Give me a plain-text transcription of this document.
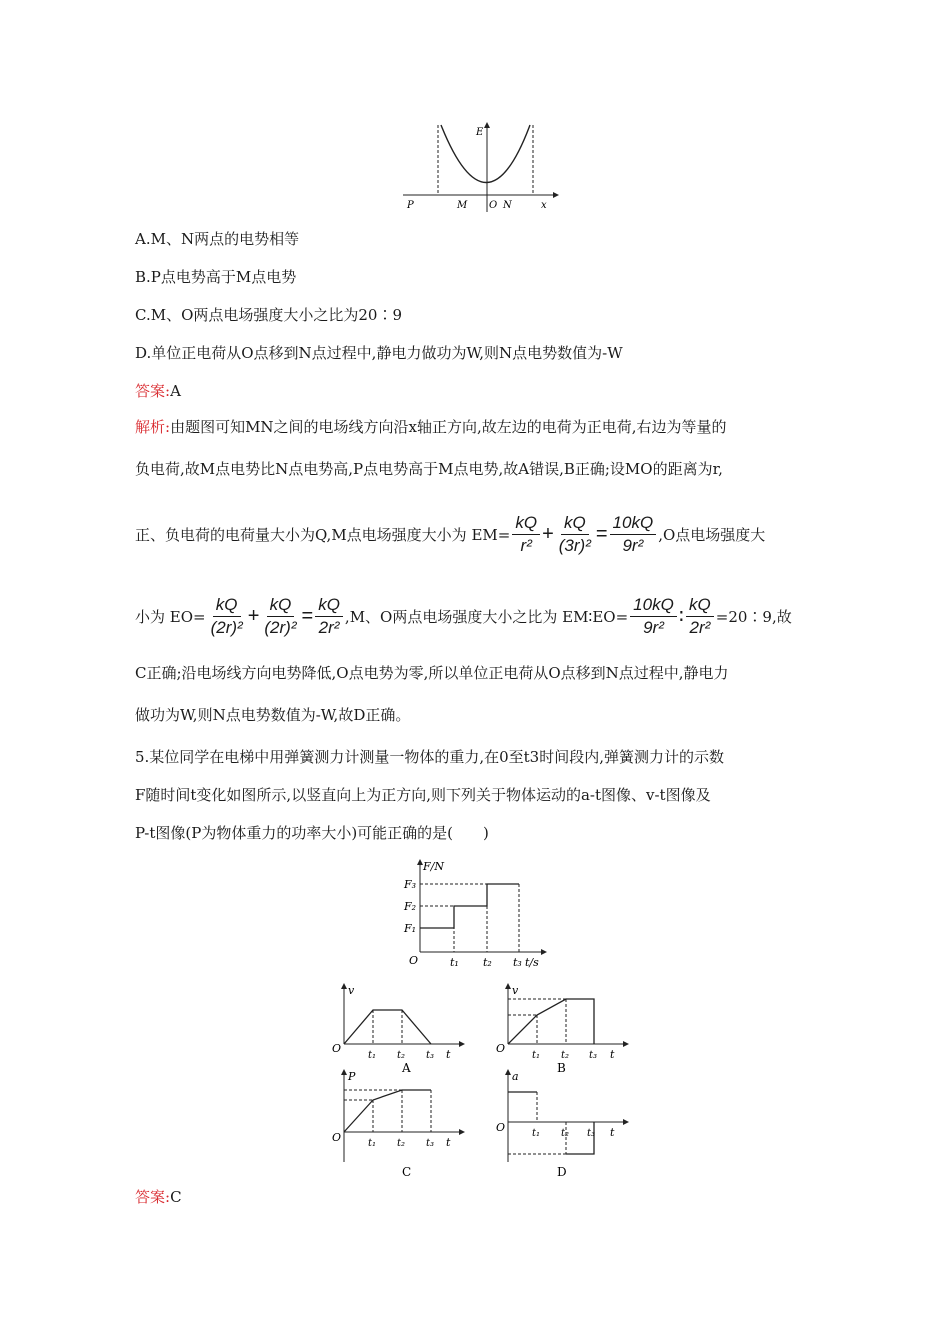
E
P	M O N	x
A.M、N两点的电势相等
B.P点电势高于M点电势
C.M、O两点电场强度大小之比为20∶9
D.单位正电荷从O点移到N点过程中,静电力做功为W,则N点电势数值为-W
答案:A
解析:由题图可知MN之间的电场线方向沿x轴正方向,故左边的电荷为正电荷,右边为等量的
负电荷,故M点电势比N点电势高,P点电势高于M点电势,故A错误,B正确;设MO的距离为r,
正、负电荷的电荷量大小为Q,M点电场强度大小为 $EM= \frac{kQ}{\text{r²}} + \frac{kQ}{\text{(3r)²}} = \frac{10kQ}{\text{9r²}} ,O$点电场强度大
小为 $EO= \frac{kQ}{\text{(2r)²}} + \frac{kQ}{\text{(2r)²}} = \frac{kQ}{\text{2r²}} ,M$、O两点电场强度大小之比为 EM∶EO= $\frac{10kQ}{\text{9r²}}$ ∶ $\frac{kQ}{\text{2r²}}$ =20∶9,故
C正确;沿电场线方向电势降低,O点电势为零,所以单位正电荷从O点移到N点过程中,静电力
做功为W,则N点电势数值为-W,故D正确。
5.某位同学在电梯中用弹簧测力计测量一物体的重力,在0至t3时间段内,弹簧测力计的示数
F随时间t变化如图所示,以竖直向上为正方向,则下列关于物体运动的a-t图像、v-t图像及
P-t图像(P为物体重力的功率大小)可能正确的是(　　)
F/N
F₃
F₂
F₁
O	t₁ t₂ t₃ t/s
v
O
t₁ t₂ t₃ t
A
v
O
t₁ t₂ t₃ t
B
P
O	t₁ t₂ t₃ t
C
a
O	t₁ t₂ t₃ t
D
答案:C
